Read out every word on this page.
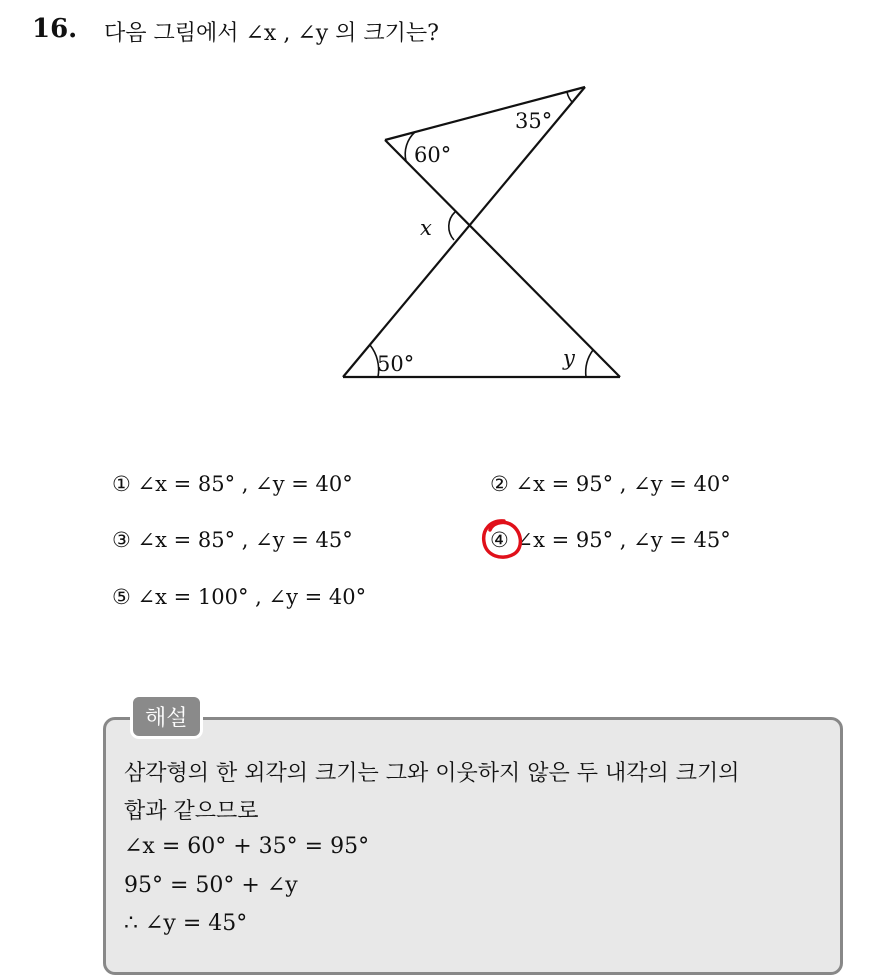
16. 다음 그림에서 ∠x , ∠y 의 크기는?
60°
35°
x
50°	y
① ∠x = 85° , ∠y = 40°	② ∠x = 95° , ∠y = 40°
③ ∠x = 85° , ∠y = 45°	④ ∠x = 95° , ∠y = 45°
⑤ ∠x = 100° , ∠y = 40°
해설
삼각형의 한 외각의 크기는 그와 이웃하지 않은 두 내각의 크기의
합과 같으므로
∠x = 60° + 35° = 95°
95° = 50° + ∠y
∴ ∠y = 45°
